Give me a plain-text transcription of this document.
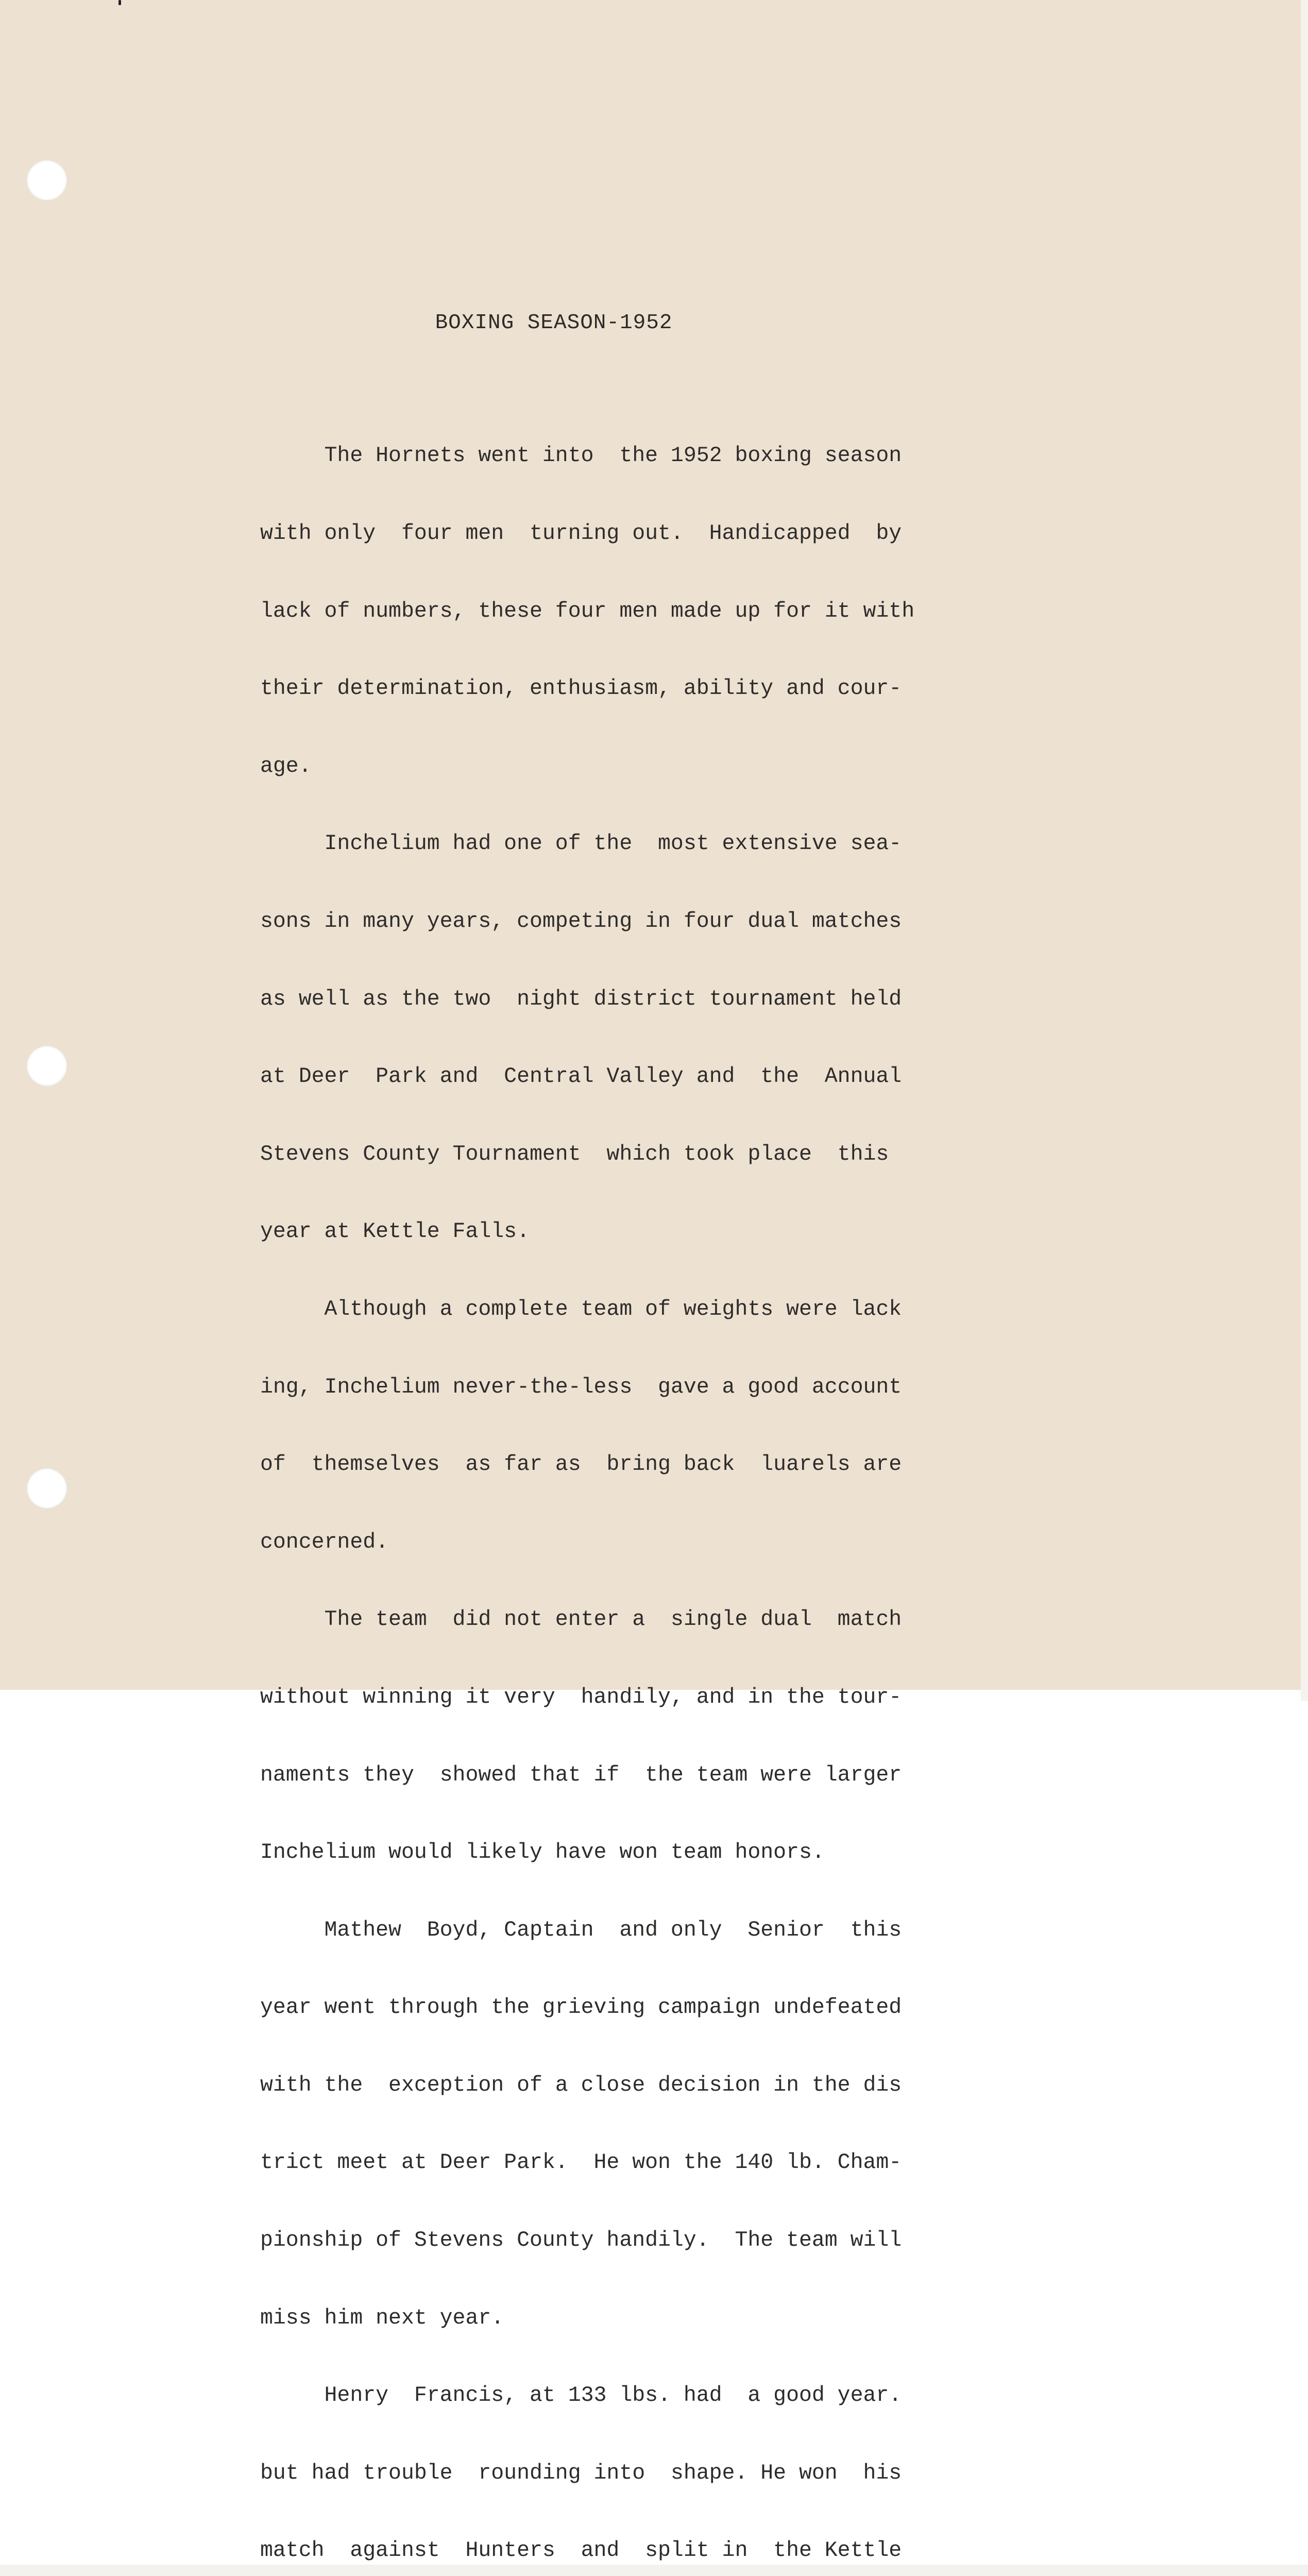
BOXING SEASON-1952

The Hornets went into  the 1952 boxing season

with only  four men  turning out.  Handicapped  by

lack of numbers, these four men made up for it with

their determination, enthusiasm, ability and cour-

age.

Inchelium had one of the  most extensive sea-

sons in many years, competing in four dual matches

as well as the two  night district tournament held

at Deer  Park and  Central Valley and  the  Annual

Stevens County Tournament  which took place  this

year at Kettle Falls.

Although a complete team of weights were lack

ing, Inchelium never-the-less  gave a good account

of  themselves  as far as  bring back  luarels are

concerned.

The team  did not enter a  single dual  match

without winning it very  handily, and in the tour-

naments they  showed that if  the team were larger

Inchelium would likely have won team honors.

Mathew  Boyd, Captain  and only  Senior  this

year went through the grieving campaign undefeated

with the  exception of a close decision in the dis

trict meet at Deer Park.  He won the 140 lb. Cham-

pionship of Stevens County handily.  The team will

miss him next year.

Henry  Francis, at 133 lbs. had  a good year.

but had trouble  rounding into  shape. He won  his

match  against  Hunters  and  split in  the Kettle
